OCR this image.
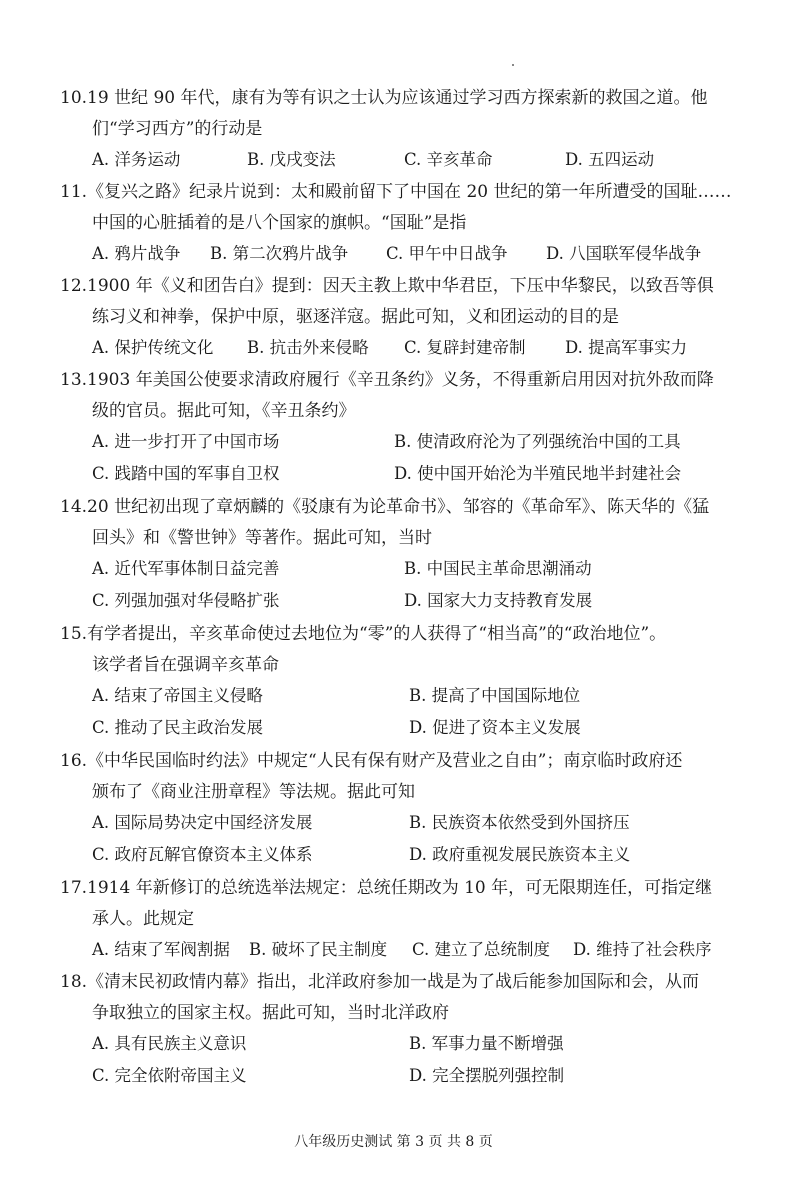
10.19 世纪 90 年代，康有为等有识之士认为应该通过学习西方探索新的救国之道。他
们“学习西方”的行动是
A. 洋务运动	B. 戊戌变法	C. 辛亥革命	D. 五四运动
11.《复兴之路》纪录片说到：太和殿前留下了中国在 20 世纪的第一年所遭受的国耻……
中国的心脏插着的是八个国家的旗帜。“国耻”是指
A. 鸦片战争 B. 第二次鸦片战争 C. 甲午中日战争 D. 八国联军侵华战争
12.1900 年《义和团告白》提到：因天主教上欺中华君臣，下压中华黎民，以致吾等俱
练习义和神拳，保护中原，驱逐洋寇。据此可知，义和团运动的目的是
A. 保护传统文化 B. 抗击外来侵略 C. 复辟封建帝制 D. 提高军事实力
13.1903 年美国公使要求清政府履行《辛丑条约》义务，不得重新启用因对抗外敌而降
级的官员。据此可知，《辛丑条约》
A. 进一步打开了中国市场	B. 使清政府沦为了列强统治中国的工具
C. 践踏中国的军事自卫权	D. 使中国开始沦为半殖民地半封建社会
14.20 世纪初出现了章炳麟的《驳康有为论革命书》、邹容的《革命军》、陈天华的《猛
回头》和《警世钟》等著作。据此可知，当时
A. 近代军事体制日益完善	B. 中国民主革命思潮涌动
C. 列强加强对华侵略扩张	D. 国家大力支持教育发展
15.有学者提出，辛亥革命使过去地位为“零”的人获得了“相当高”的“政治地位”。
该学者旨在强调辛亥革命
A. 结束了帝国主义侵略	B. 提高了中国国际地位
C. 推动了民主政治发展	D. 促进了资本主义发展
16.《中华民国临时约法》中规定“人民有保有财产及营业之自由”；南京临时政府还
颁布了《商业注册章程》等法规。据此可知
A. 国际局势决定中国经济发展	B. 民族资本依然受到外国挤压
C. 政府瓦解官僚资本主义体系	D. 政府重视发展民族资本主义
17.1914 年新修订的总统选举法规定：总统任期改为 10 年，可无限期连任，可指定继
承人。此规定
A. 结束了军阀割据 B. 破坏了民主制度 C. 建立了总统制度 D. 维持了社会秩序
18.《清末民初政情内幕》指出，北洋政府参加一战是为了战后能参加国际和会，从而
争取独立的国家主权。据此可知，当时北洋政府
A. 具有民族主义意识	B. 军事力量不断增强
C. 完全依附帝国主义	D. 完全摆脱列强控制
八年级历史测试 第 3 页 共 8 页
